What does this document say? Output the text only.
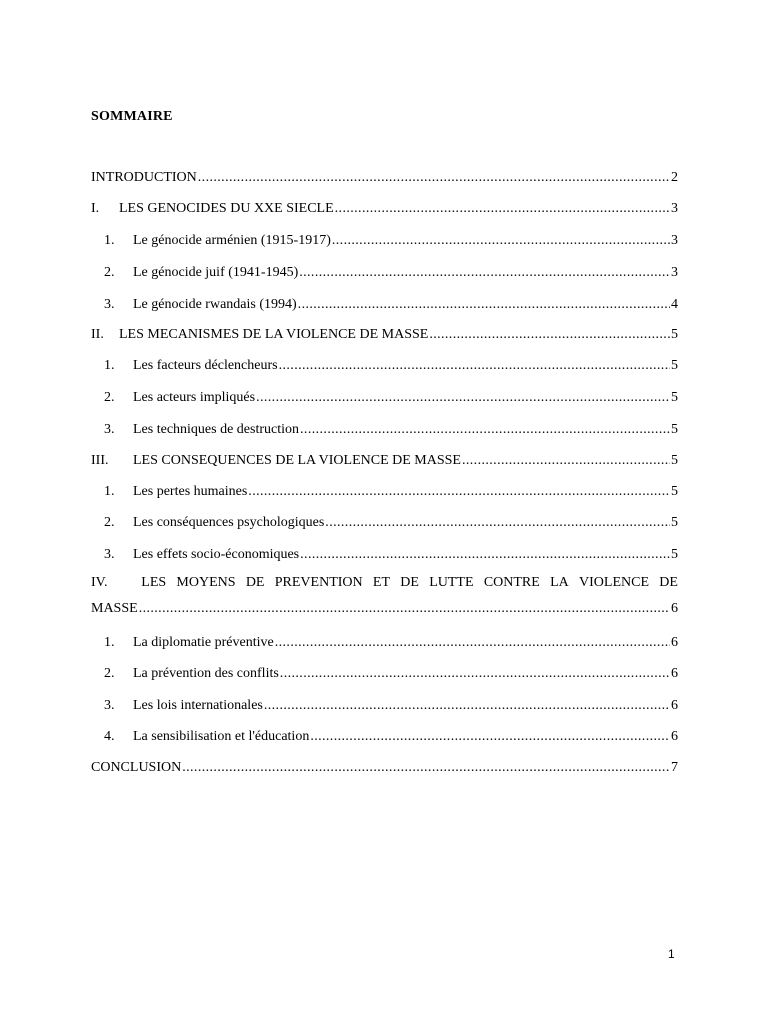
SOMMAIRE
INTRODUCTION .....	2
I.	LES GENOCIDES DU XXE SIECLE .....	3
1.	Le génocide arménien (1915-1917) .....	3
2.	Le génocide juif (1941-1945) .....	3
3.	Le génocide rwandais (1994) .....	4
II.	LES MECANISMES DE LA VIOLENCE DE MASSE .....	5
1.	Les facteurs déclencheurs .....	5
2.	Les acteurs impliqués .....	5
3.	Les techniques de destruction .....	5
III.	LES CONSEQUENCES DE LA VIOLENCE DE MASSE .....	5
1.	Les pertes humaines .....	5
2.	Les conséquences psychologiques .....	5
3.	Les effets socio-économiques .....	5
IV.	LES MOYENS DE PREVENTION ET DE LUTTE CONTRE LA VIOLENCE DE
MASSE .....	6
1.	La diplomatie préventive .....	6
2.	La prévention des conflits .....	6
3.	Les lois internationales .....	6
4.	La sensibilisation et l'éducation .....	6
CONCLUSION .....	7
1
